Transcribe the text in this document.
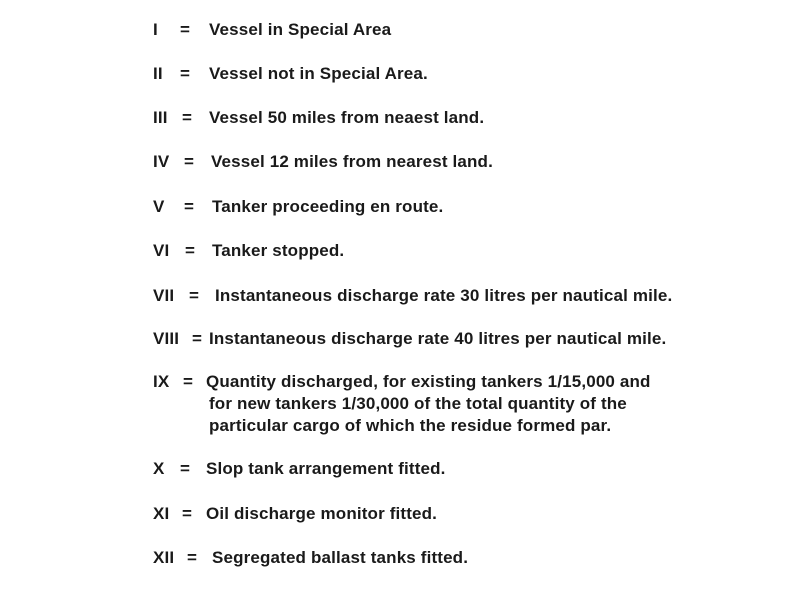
I = Vessel in Special Area
II = Vessel not in Special Area.
III = Vessel 50 miles from neaest land.
IV = Vessel 12 miles from nearest land.
V = Tanker proceeding en route.
VI = Tanker stopped.
VII = Instantaneous discharge rate 30 litres per nautical mile.
VIII = Instantaneous discharge rate 40 litres per nautical mile.
IX = Quantity discharged, for existing tankers 1/15,000 and
for new tankers 1/30,000 of the total quantity of the
particular cargo of which the residue formed par.
X = Slop tank arrangement fitted.
XI = Oil discharge monitor fitted.
XII = Segregated ballast tanks fitted.
